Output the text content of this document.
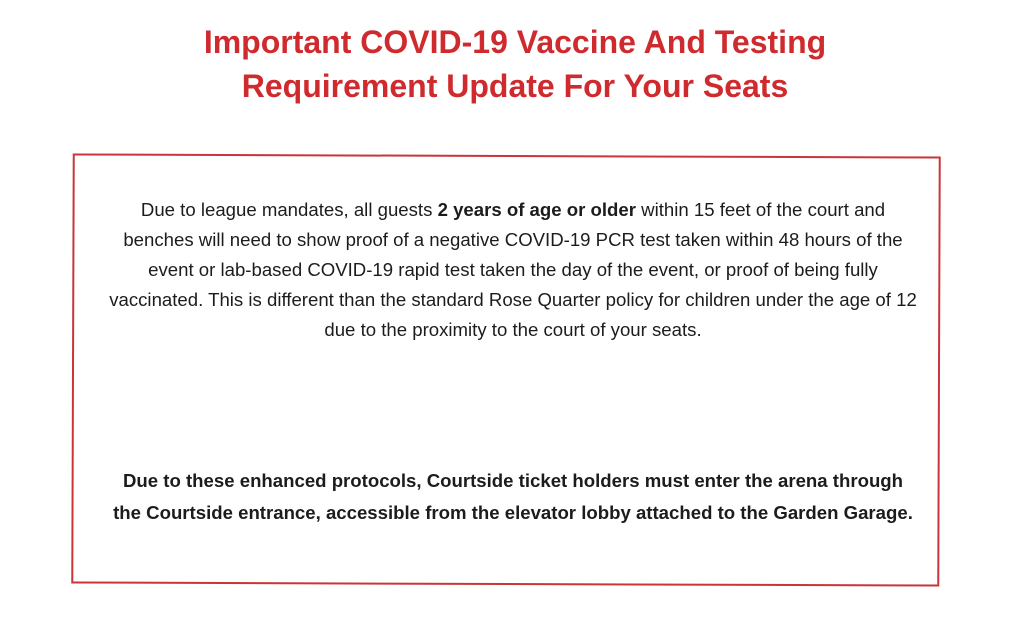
Important COVID-19 Vaccine And Testing
Requirement Update For Your Seats

Due to league mandates, all guests 2 years of age or older within 15 feet of the court and benches will need to show proof of a negative COVID-19 PCR test taken within 48 hours of the event or lab-based COVID-19 rapid test taken the day of the event, or proof of being fully vaccinated. This is different than the standard Rose Quarter policy for children under the age of 12 due to the proximity to the court of your seats.

Due to these enhanced protocols, Courtside ticket holders must enter the arena through the Courtside entrance, accessible from the elevator lobby attached to the Garden Garage.
